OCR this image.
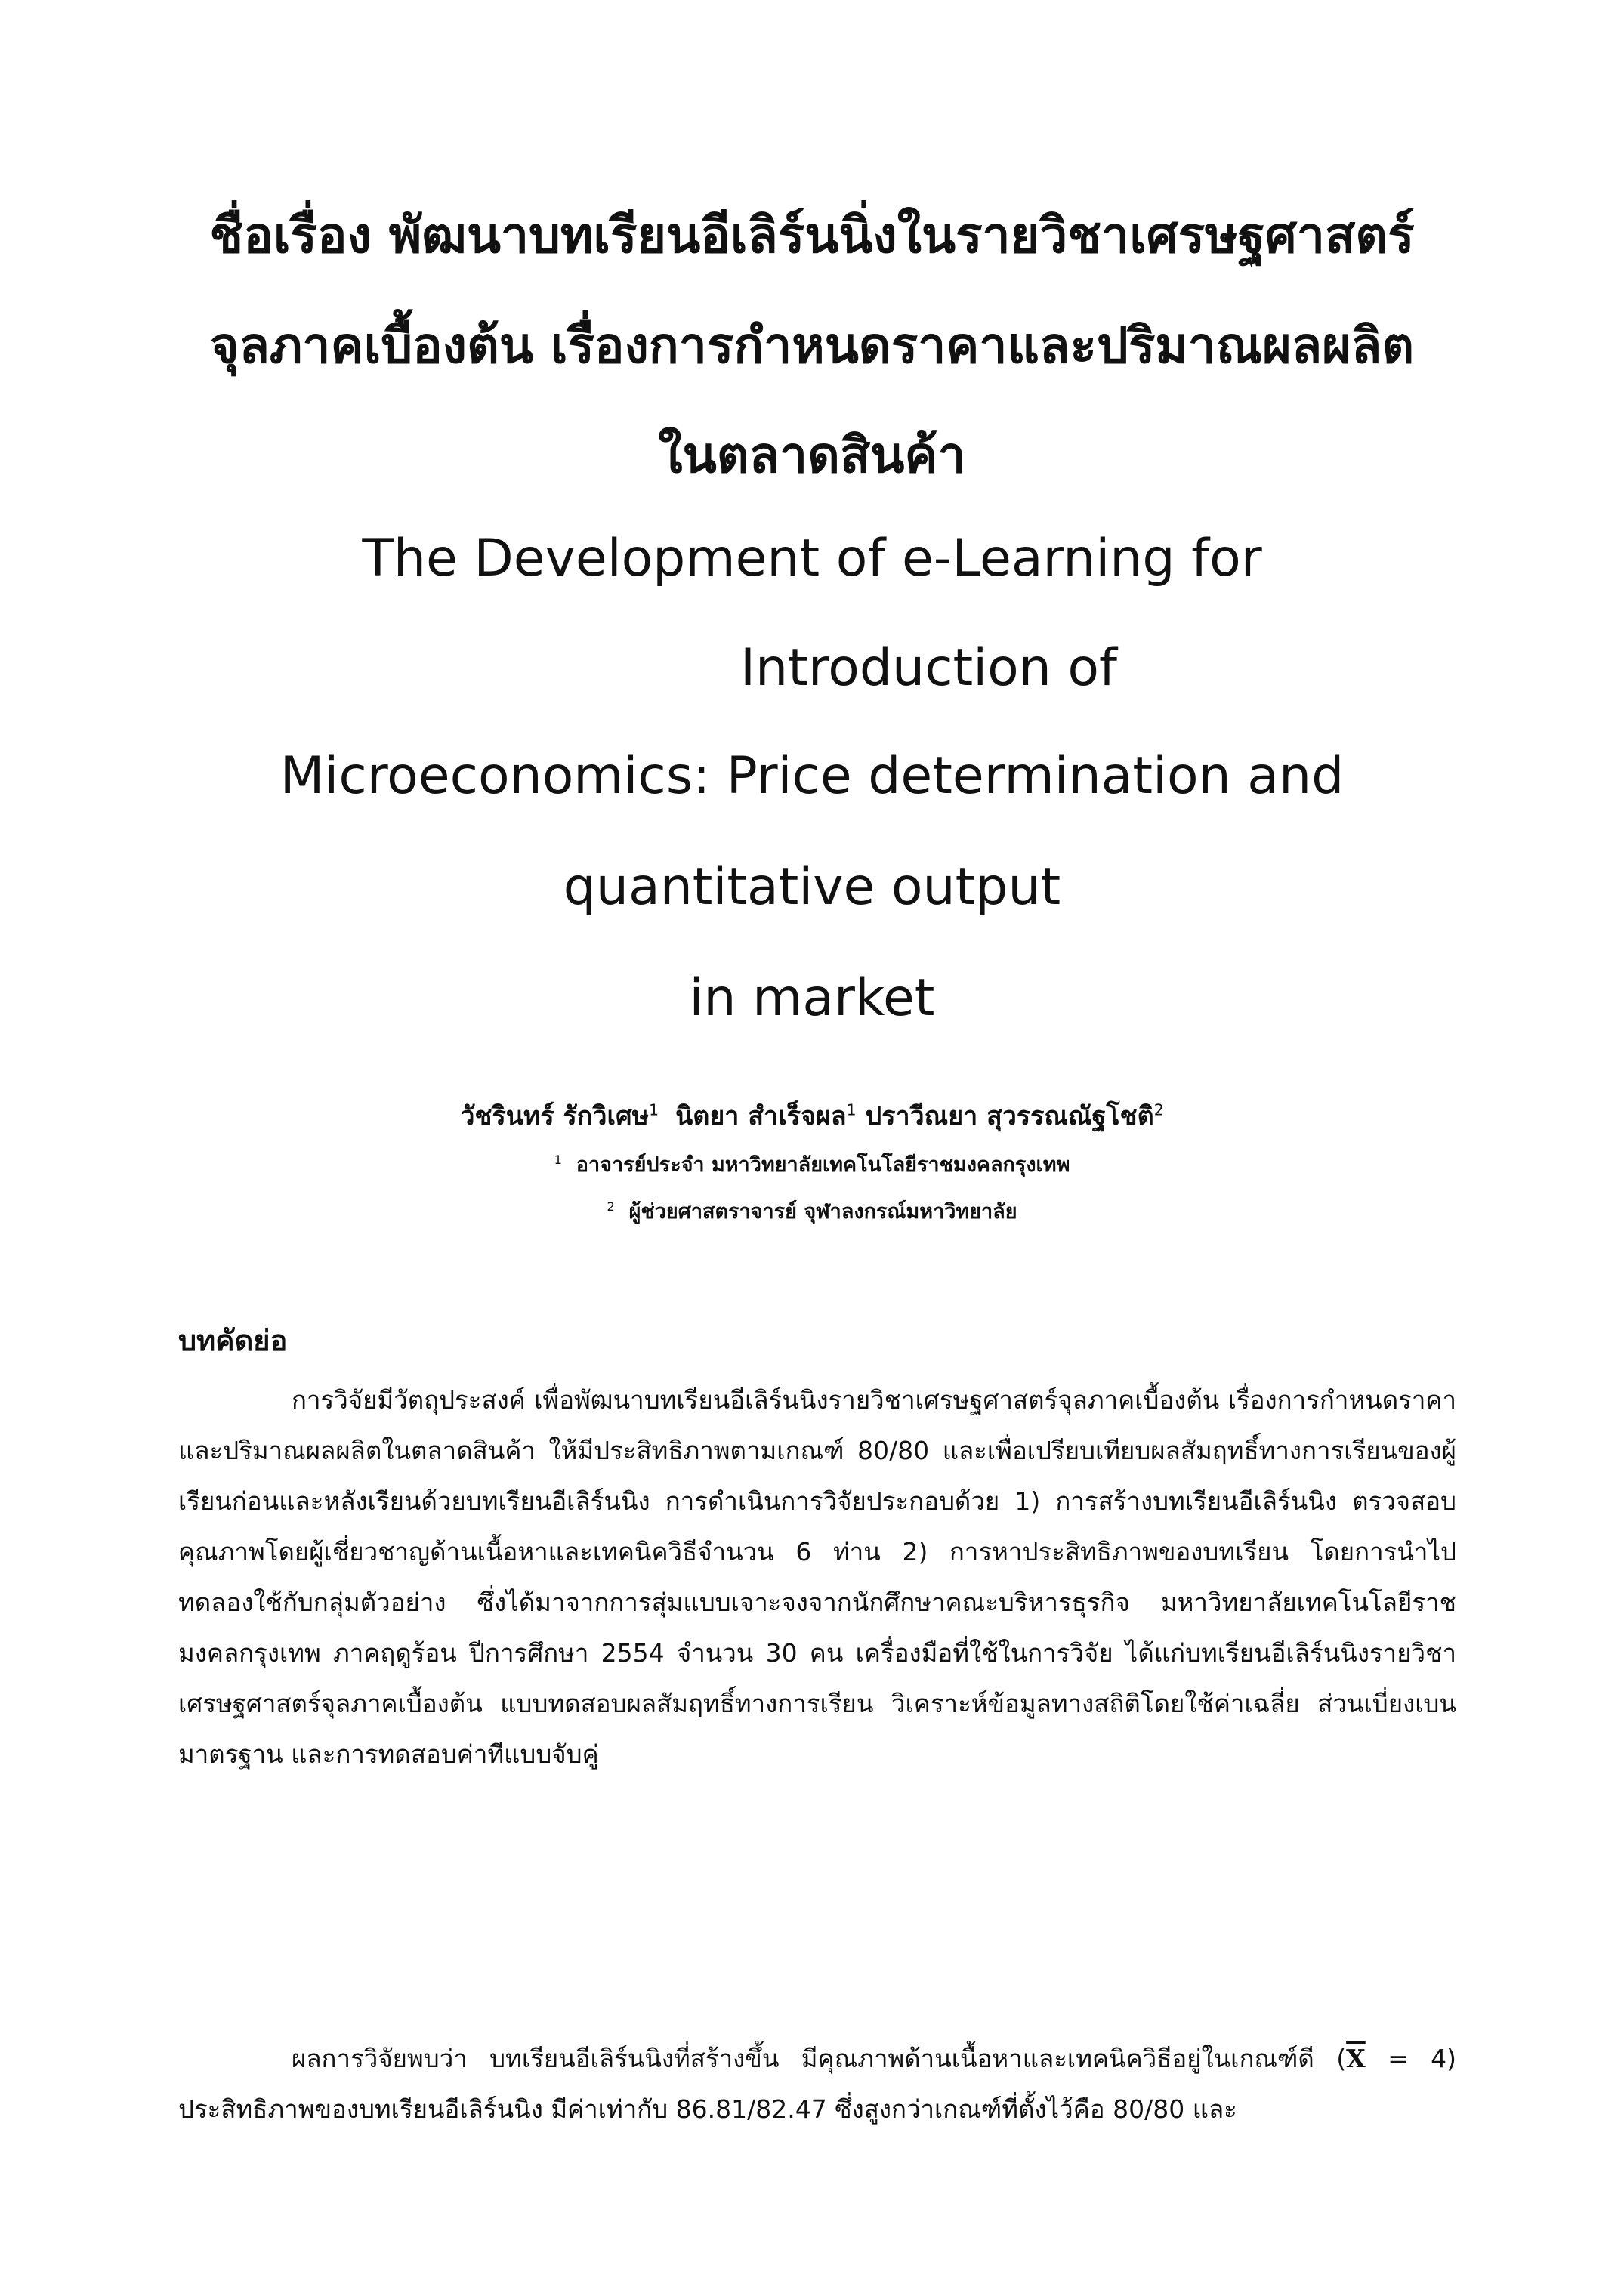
ชื่อเรื่อง พัฒนาบทเรียนอีเลิร์นนิ่งในรายวิชาเศรษฐศาสตร์
จุลภาคเบื้องต้น เรื่องการกำหนดราคาและปริมาณผลผลิต
ในตลาดสินค้า
The Development of e-Learning for
Introduction of
Microeconomics: Price determination and
quantitative output
in market
วัชรินทร์ รักวิเศษ$^1$ นิตยา สำเร็จผล$^1$ ปราวีณยา สุวรรณณัฐโชติ$^2$
$^1$ อาจารย์ประจำ มหาวิทยาลัยเทคโนโลยีราชมงคลกรุงเทพ
$^2$ ผู้ช่วยศาสตราจารย์ จุฬาลงกรณ์มหาวิทยาลัย
บทคัดย่อ

การวิจัยมีวัตถุประสงค์ เพื่อพัฒนาบทเรียนอีเลิร์นนิงรายวิชาเศรษฐศาสตร์จุลภาคเบื้องต้น เรื่องการกำหนดราคาและปริมาณผลผลิตในตลาดสินค้า ให้มีประสิทธิภาพตามเกณฑ์ 80/80 และเพื่อเปรียบเทียบผลสัมฤทธิ์ทางการเรียนของผู้เรียนก่อนและหลังเรียนด้วยบทเรียนอีเลิร์นนิง การดำเนินการวิจัยประกอบด้วย 1) การสร้างบทเรียนอีเลิร์นนิง ตรวจสอบคุณภาพโดยผู้เชี่ยวชาญด้านเนื้อหาและเทคนิควิธีจำนวน 6 ท่าน 2) การหาประสิทธิภาพของบทเรียน โดยการนำไปทดลองใช้กับกลุ่มตัวอย่าง ซึ่งได้มาจากการสุ่มแบบเจาะจงจากนักศึกษาคณะบริหารธุรกิจ มหาวิทยาลัยเทคโนโลยีราชมงคลกรุงเทพ ภาคฤดูร้อน ปีการศึกษา 2554 จำนวน 30 คน เครื่องมือที่ใช้ในการวิจัย ได้แก่บทเรียนอีเลิร์นนิงรายวิชาเศรษฐศาสตร์จุลภาคเบื้องต้น แบบทดสอบผลสัมฤทธิ์ทางการเรียน วิเคราะห์ข้อมูลทางสถิติโดยใช้ค่าเฉลี่ย ส่วนเบี่ยงเบนมาตรฐาน และการทดสอบค่าทีแบบจับคู่

ผลการวิจัยพบว่า บทเรียนอีเลิร์นนิงที่สร้างขึ้น มีคุณภาพด้านเนื้อหาและเทคนิควิธีอยู่ในเกณฑ์ดี $(\overline{X} = 4)$ ประสิทธิภาพของบทเรียนอีเลิร์นนิง มีค่าเท่ากับ 86.81/82.47 ซึ่งสูงกว่าเกณฑ์ที่ตั้งไว้คือ 80/80 และ
